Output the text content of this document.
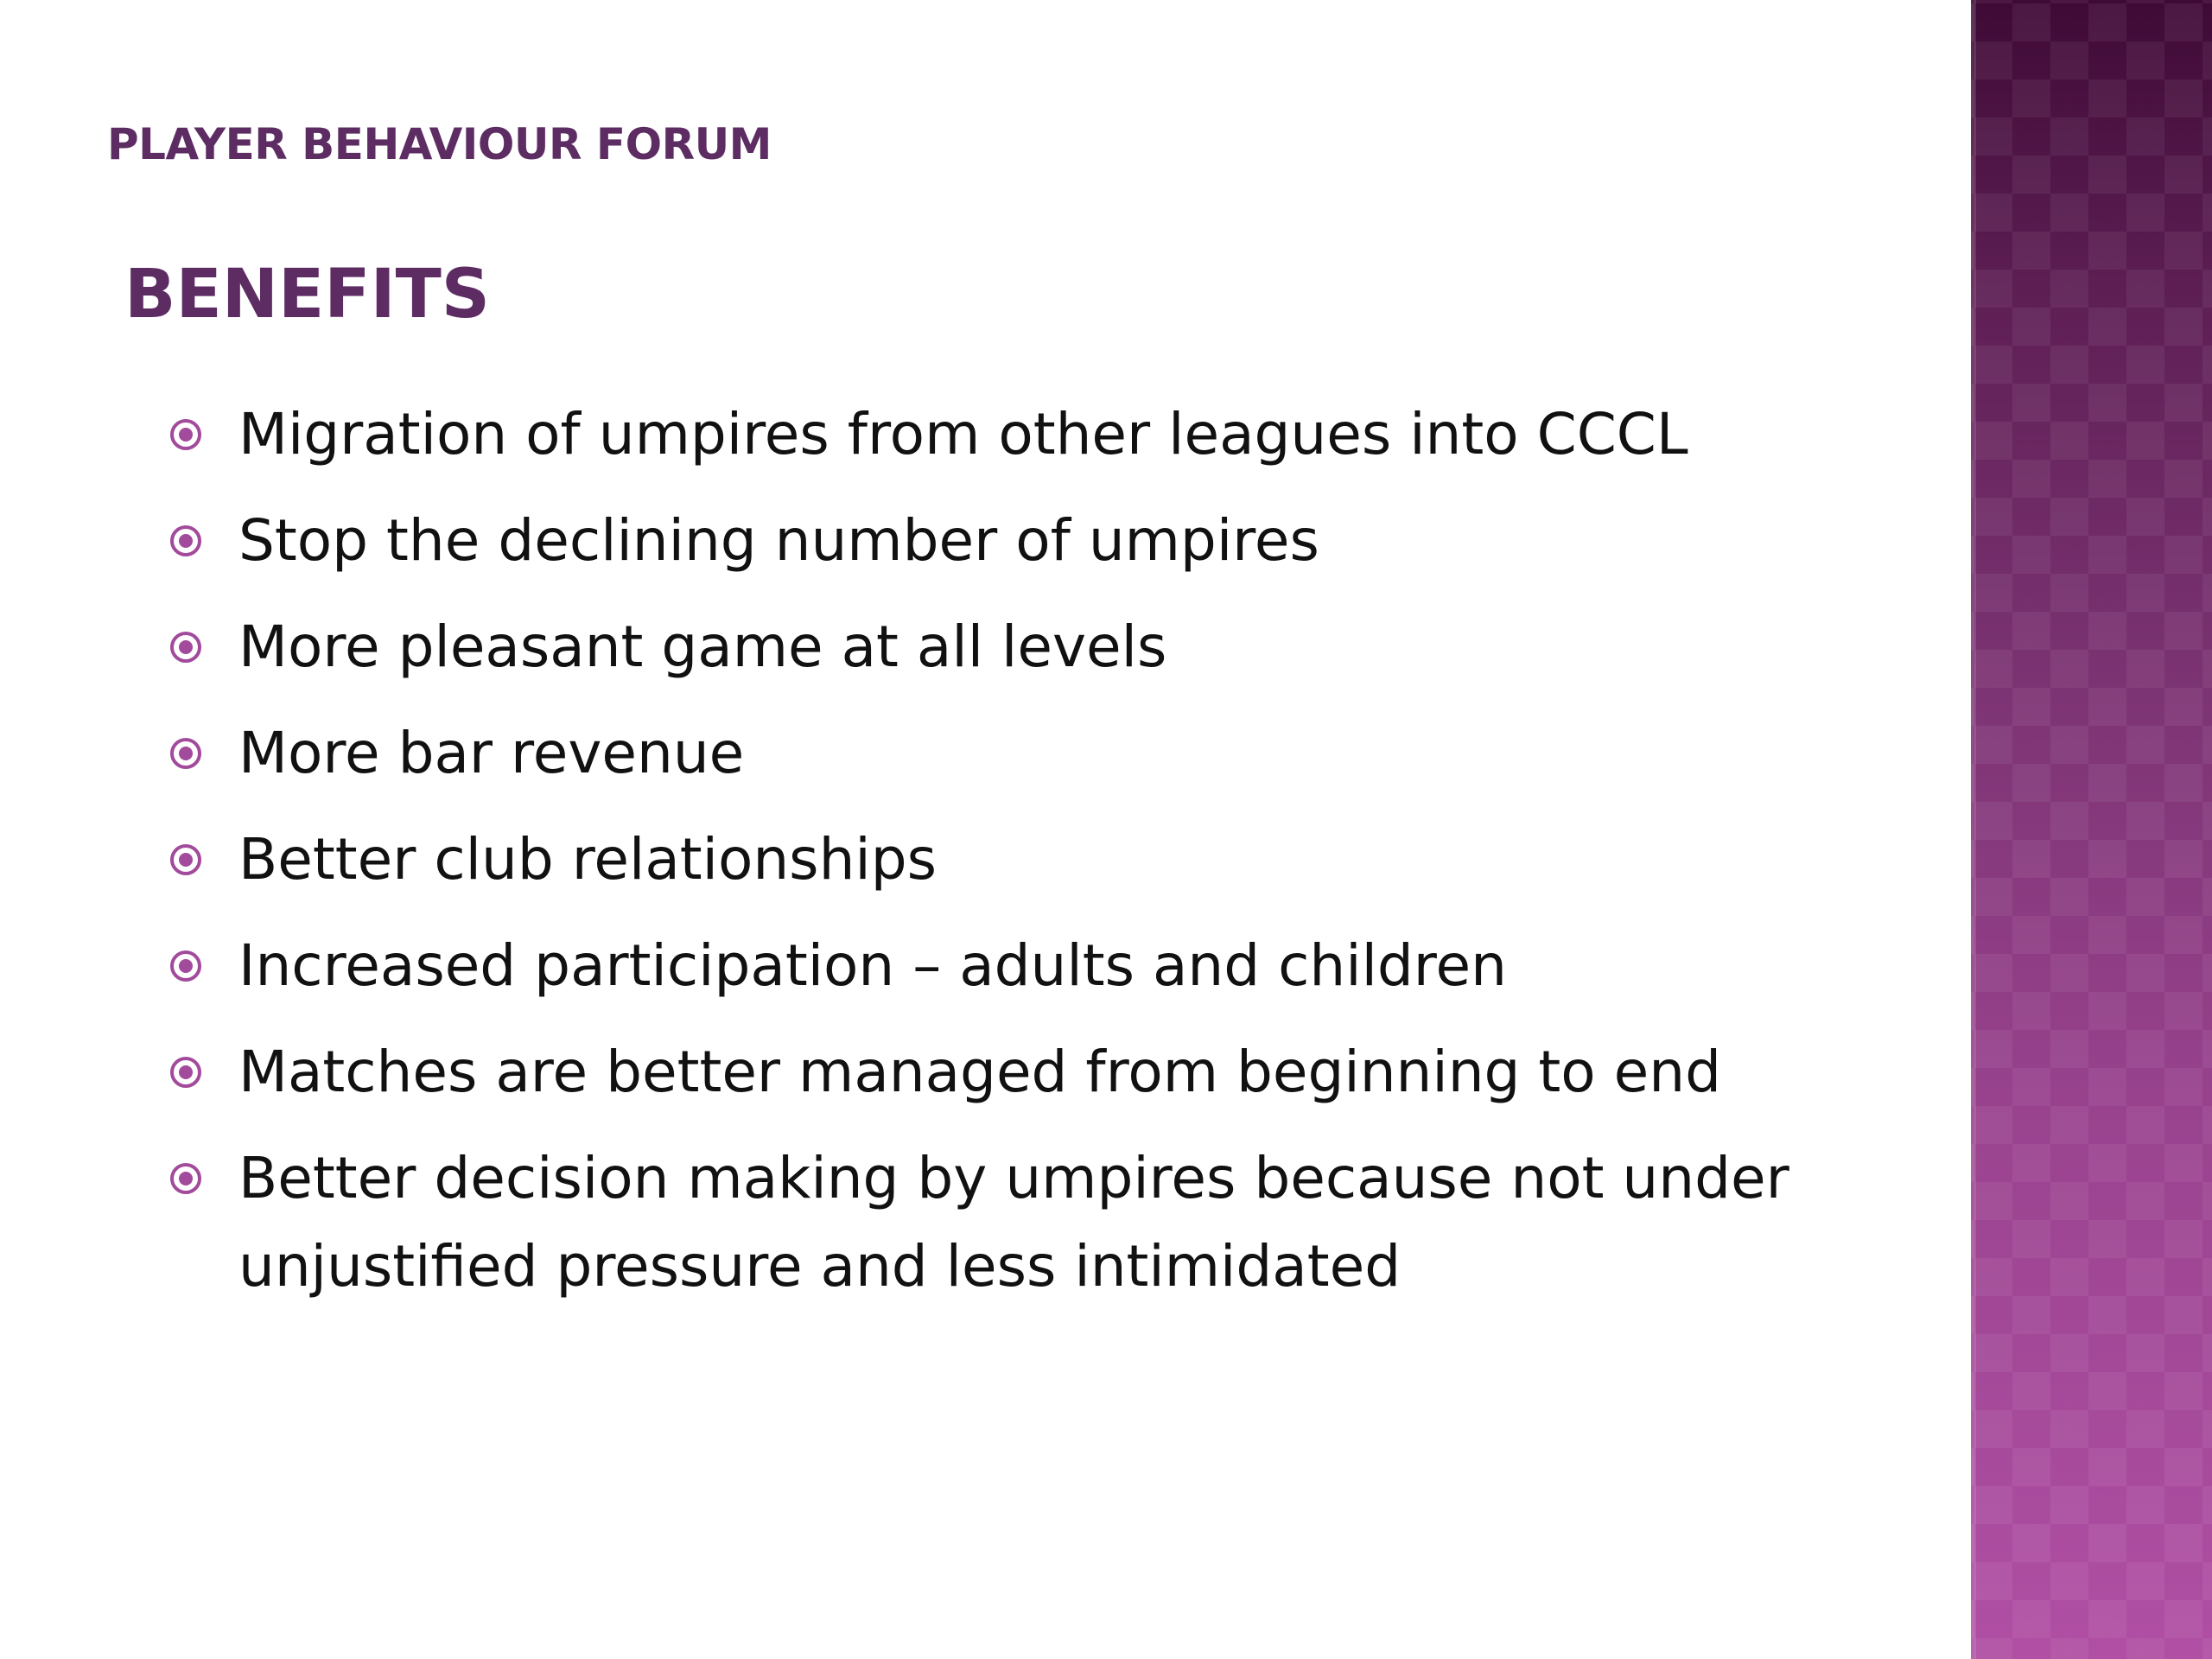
PLAYER BEHAVIOUR FORUM
BENEFITS
Migration of umpires from other leagues into CCCL
Stop the declining number of umpires
More pleasant game at all levels
More bar revenue
Better club relationships
Increased participation – adults and children
Matches are better managed from beginning to end
Better decision making by umpires because not under unjustified pressure and less intimidated
